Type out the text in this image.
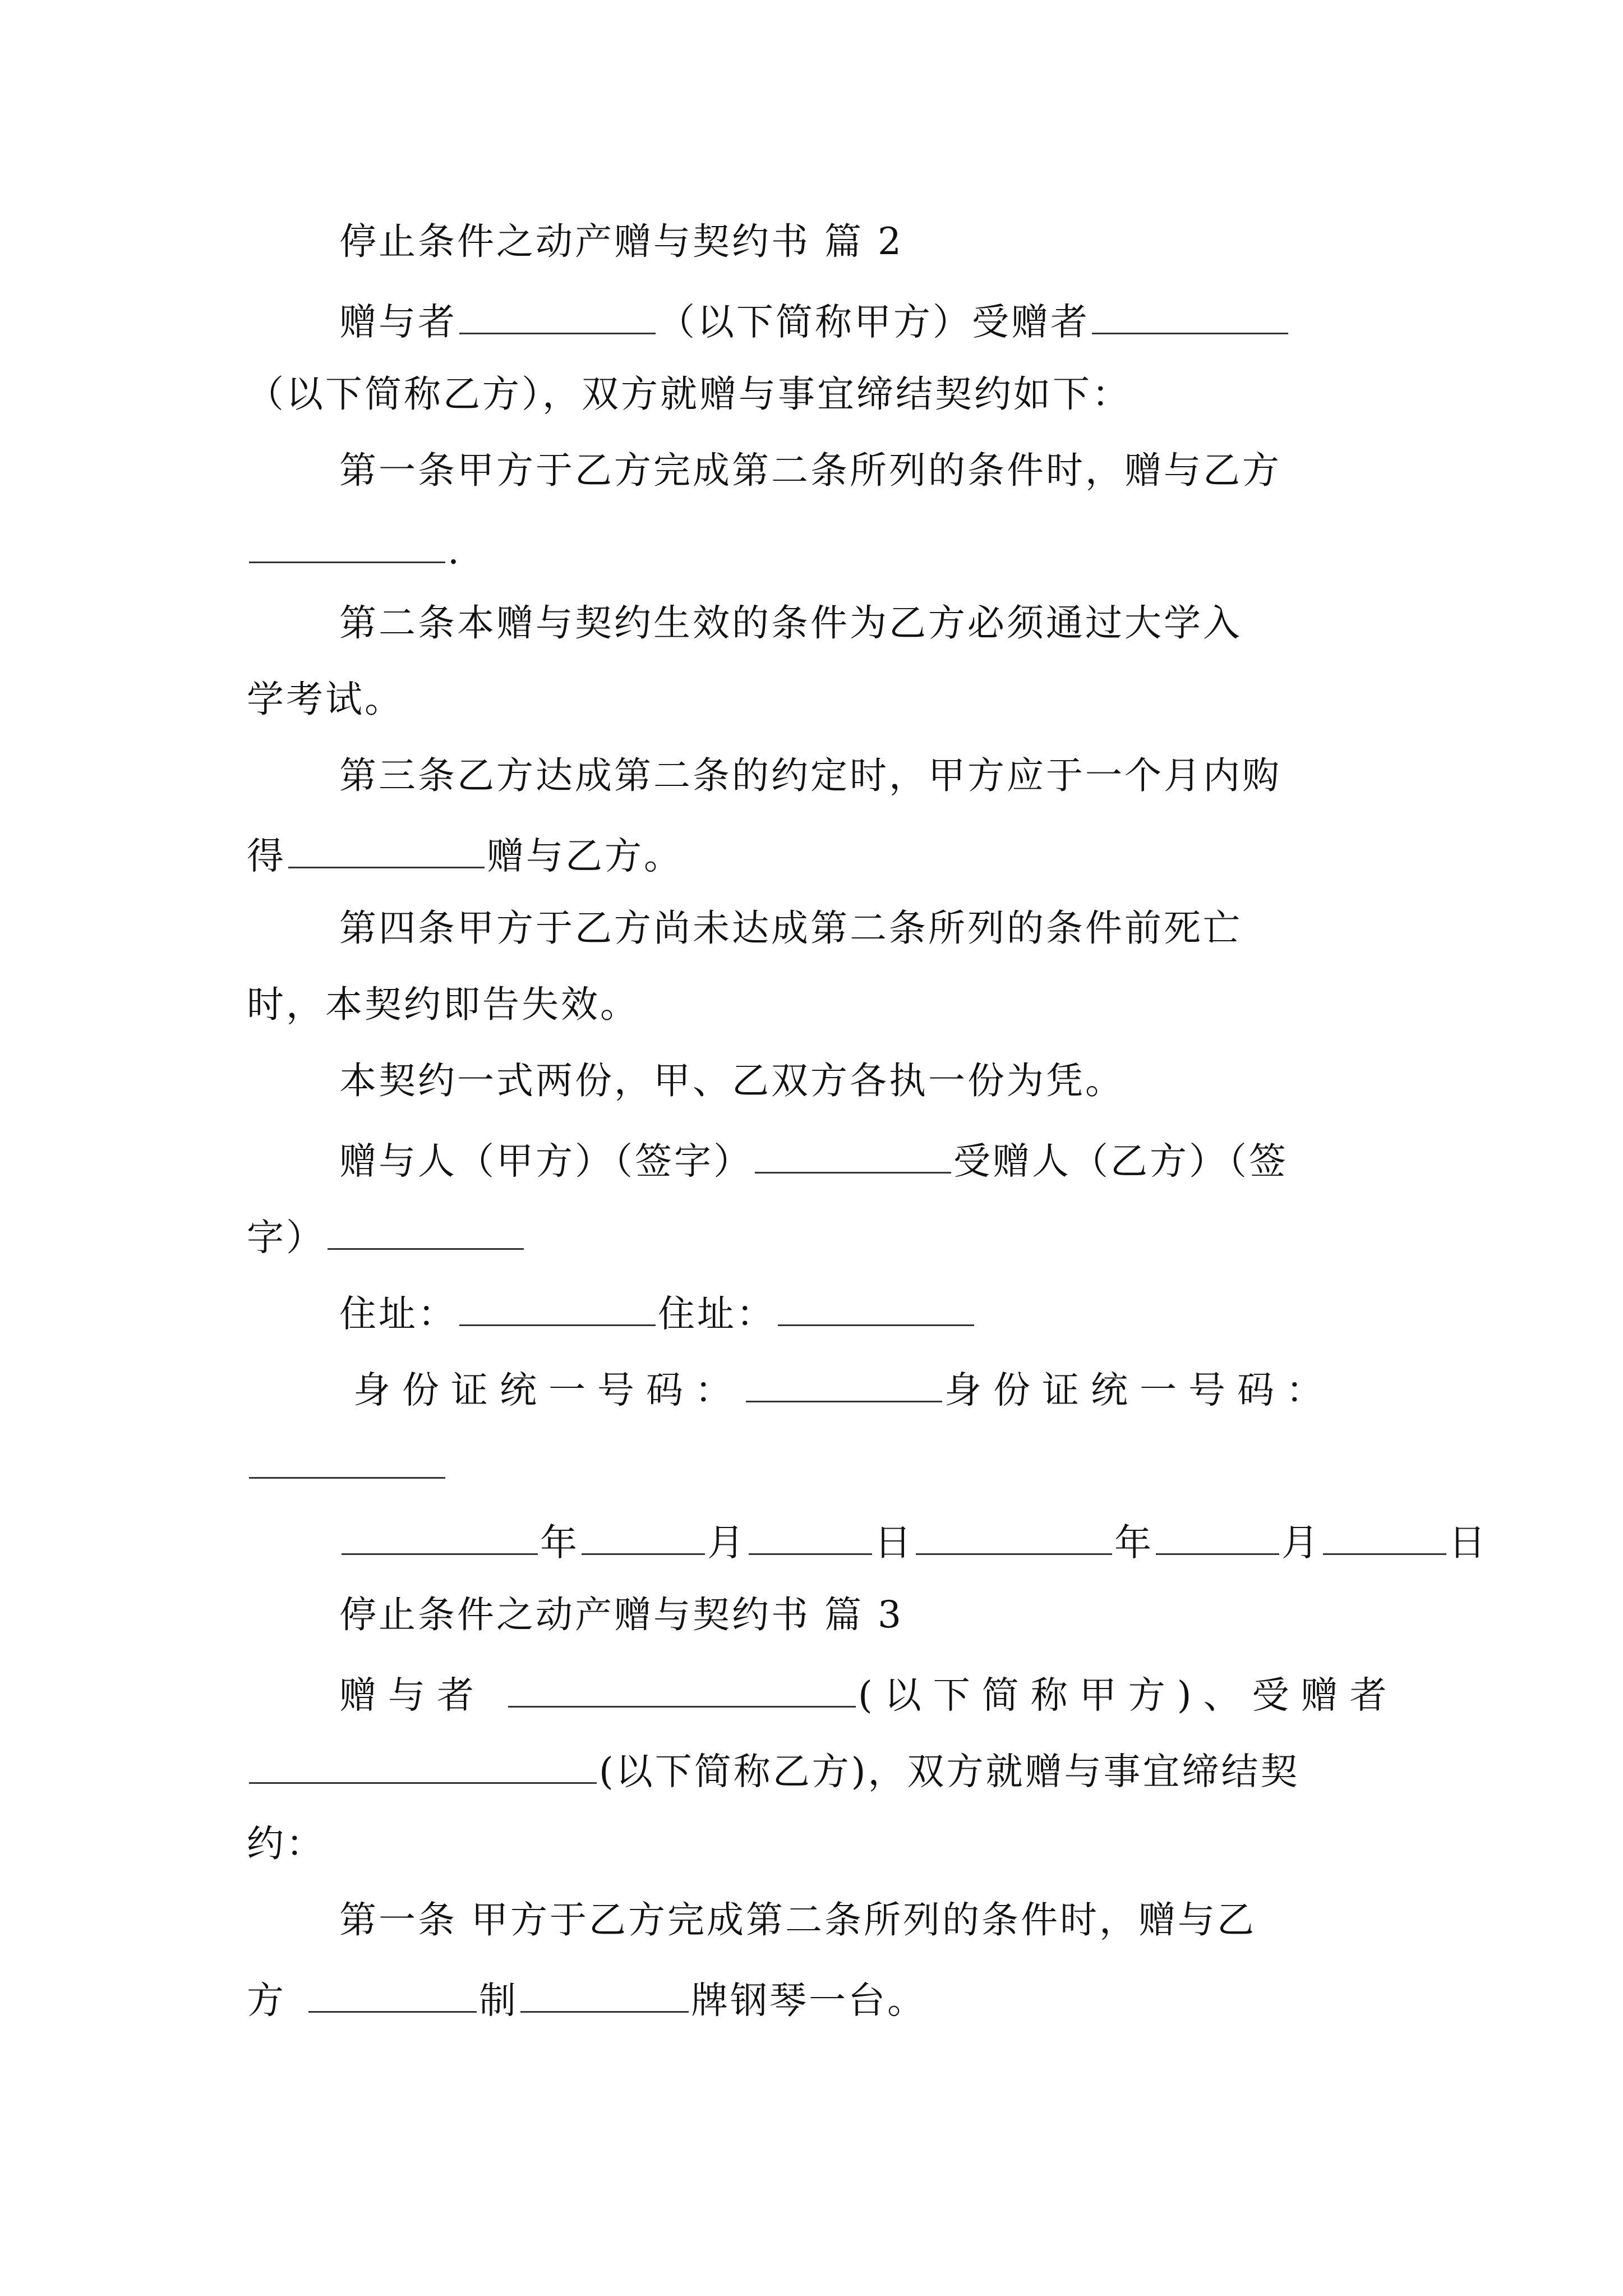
停止条件之动产赠与契约书 篇 2
赠与者	（以下简称甲方）受赠者
（以下简称乙方），双方就赠与事宜缔结契约如下：
第一条甲方于乙方完成第二条所列的条件时，赠与乙方
.
第二条本赠与契约生效的条件为乙方必须通过大学入
学考试。
第三条乙方达成第二条的约定时，甲方应于一个月内购
得	赠与乙方。
第四条甲方于乙方尚未达成第二条所列的条件前死亡
时，本契约即告失效。
本契约一式两份，甲、乙双方各执一份为凭。
赠与人（甲方）（签字）	受赠人（乙方）（签
字）
住址：	住址：
身份证统一号码：	身份证统一号码：
年	月	日	年	月	日
停止条件之动产赠与契约书 篇 3
赠与者	(以下简称甲方)、受赠者
(以下简称乙方)，双方就赠与事宜缔结契
约：
第一条 甲方于乙方完成第二条所列的条件时，赠与乙
方	制	牌钢琴一台。
